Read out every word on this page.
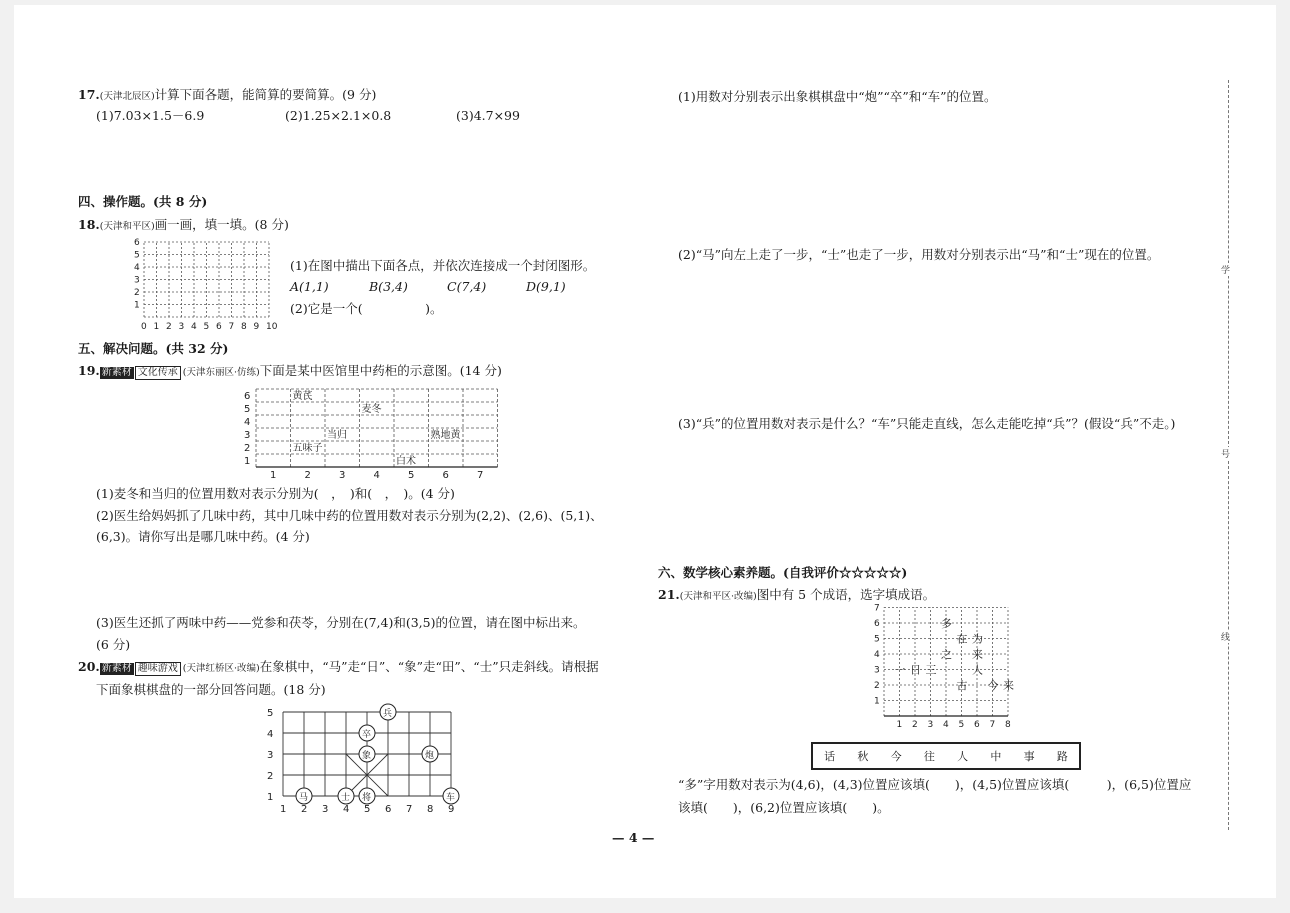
17.(天津北辰区)计算下面各题，能简算的要简算。(9 分)
(1)7.03×1.5－6.9	(2)1.25×2.1×0.8	(3)4.7×99
四、操作题。(共 8 分)
18.(天津和平区)画一画，填一填。(8 分)
0 1 2 3 4 5 6 7 8 9 10
1
2
3
4
5
6
(1)在图中描出下面各点，并依次连接成一个封闭图形。
A(1,1)	B(3,4)	C(7,4)	D(9,1)
(2)它是一个(　　　　　)。
五、解决问题。(共 32 分)
19. 新素材 文化传承 (天津东丽区·仿练)下面是某中医馆里中药柜的示意图。(14 分)
1	2	3	4	5	6	7
1
2
3
4
5
6	黄芪
麦冬
当归	熟地黄
五味子
白术
(1)麦冬和当归的位置用数对表示分别为(　，　)和(　，　)。(4 分)
(2)医生给妈妈抓了几味中药，其中几味中药的位置用数对表示分别为(2,2)、(2,6)、(5,1)、
(6,3)。请你写出是哪几味中药。(4 分)
(3)医生还抓了两味中药——党参和茯苓，分别在(7,4)和(3,5)的位置，请在图中标出来。
(6 分)
20. 新素材 趣味游戏 (天津红桥区·改编)在象棋中，“马”走“日”、“象”走“田”、“士”只走斜线。请根据
下面象棋棋盘的一部分回答问题。(18 分)
1 2 3 4 5 6 7 8 9
1
2
3
4
5	兵
卒
象	炮
马	士 将	车
(1)用数对分别表示出象棋棋盘中“炮”“卒”和“车”的位置。
(2)“马”向左上走了一步，“士”也走了一步，用数对分别表示出“马”和“士”现在的位置。
(3)“兵”的位置用数对表示是什么？“车”只能走直线，怎么走能吃掉“兵”？(假设“兵”不走。)
六、数学核心素养题。(自我评价☆☆☆☆☆)
21.(天津和平区·改编)图中有 5 个成语，选字填成语。
1 2 3 4 5 6 7 8
1
2
3
4
5
6
7
多
在 为
之 来
一 日 三	人
古 今 来
话 秋 今 往 人 中 事 路
“多”字用数对表示为(4,6)，(4,3)位置应该填(　　)，(4,5)位置应该填(　　　)，(6,5)位置应
该填(　　)，(6,2)位置应该填(　　)。
学
号
线
— 4 —
